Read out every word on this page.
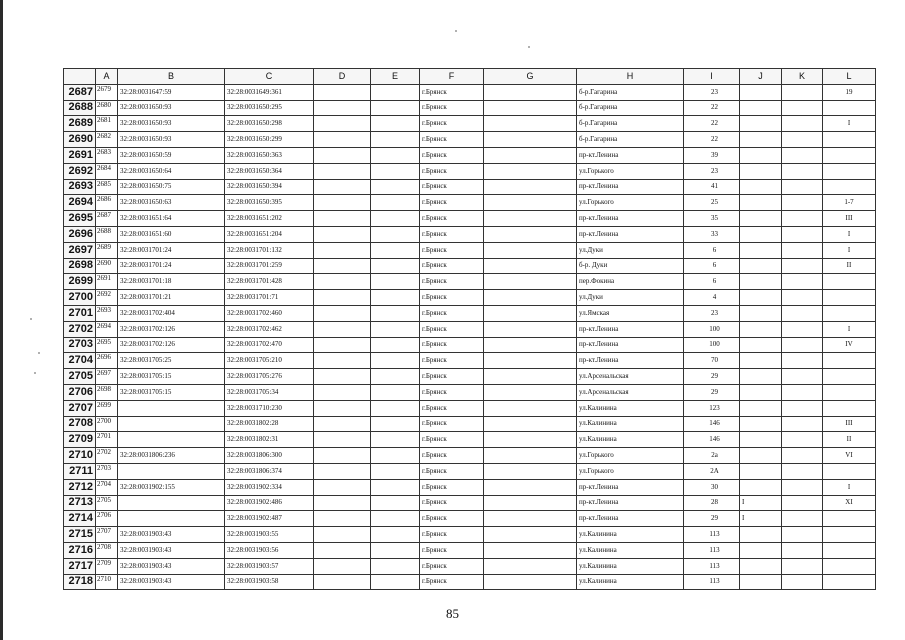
	A	B	C	D	E	F	G	H	I	J	K	L
2687	2679	32:28:0031647:59	32:28:0031649:361			г.Брянск		б-р.Гагарина	23			19
2688	2680	32:28:0031650:93	32:28:0031650:295			г.Брянск		б-р.Гагарина	22			
2689	2681	32:28:0031650:93	32:28:0031650:298			г.Брянск		б-р.Гагарина	22			I
2690	2682	32:28:0031650:93	32:28:0031650:299			г.Брянск		б-р.Гагарина	22			
2691	2683	32:28:0031650:59	32:28:0031650:363			г.Брянск		пр-кт.Ленина	39			
2692	2684	32:28:0031650:64	32:28:0031650:364			г.Брянск		ул.Горького	23			
2693	2685	32:28:0031650:75	32:28:0031650:394			г.Брянск		пр-кт.Ленина	41			
2694	2686	32:28:0031650:63	32:28:0031650:395			г.Брянск		ул.Горького	25			1-7
2695	2687	32:28:0031651:64	32:28:0031651:202			г.Брянск		пр-кт.Ленина	35			III
2696	2688	32:28:0031651:60	32:28:0031651:204			г.Брянск		пр-кт.Ленина	33			I
2697	2689	32:28:0031701:24	32:28:0031701:132			г.Брянск		ул.Дуки	6			I
2698	2690	32:28:0031701:24	32:28:0031701:259			г.Брянск		б-р. Дуки	6			II
2699	2691	32:28:0031701:18	32:28:0031701:428			г.Брянск		пер.Фокина	6			
2700	2692	32:28:0031701:21	32:28:0031701:71			г.Брянск		ул.Дуки	4			
2701	2693	32:28:0031702:404	32:28:0031702:460			г.Брянск		ул.Ямская	23			
2702	2694	32:28:0031702:126	32:28:0031702:462			г.Брянск		пр-кт.Ленина	100			I
2703	2695	32:28:0031702:126	32:28:0031702:470			г.Брянск		пр-кт.Ленина	100			IV
2704	2696	32:28:0031705:25	32:28:0031705:210			г.Брянск		пр-кт.Ленина	70			
2705	2697	32:28:0031705:15	32:28:0031705:276			г.Брянск		ул.Арсенальская	29			
2706	2698	32:28:0031705:15	32:28:0031705:34			г.Брянск		ул.Арсенальская	29			
2707	2699		32:28:0031710:230			г.Брянск		ул.Калинина	123			
2708	2700		32:28:0031802:28			г.Брянск		ул.Калинина	146			III
2709	2701		32:28:0031802:31			г.Брянск		ул.Калинина	146			II
2710	2702	32:28:0031806:236	32:28:0031806:300			г.Брянск		ул.Горького	2а			VI
2711	2703		32:28:0031806:374			г.Брянск		ул.Горького	2А			
2712	2704	32:28:0031902:155	32:28:0031902:334			г.Брянск		пр-кт.Ленина	30			I
2713	2705		32:28:0031902:486			г.Брянск		пр-кт.Ленина	28	I		XI
2714	2706		32:28:0031902:487			г.Брянск		пр-кт.Ленина	29	I		
2715	2707	32:28:0031903:43	32:28:0031903:55			г.Брянск		ул.Калинина	113			
2716	2708	32:28:0031903:43	32:28:0031903:56			г.Брянск		ул.Калинина	113			
2717	2709	32:28:0031903:43	32:28:0031903:57			г.Брянск		ул.Калинина	113			
2718	2710	32:28:0031903:43	32:28:0031903:58			г.Брянск		ул.Калинина	113			
85
